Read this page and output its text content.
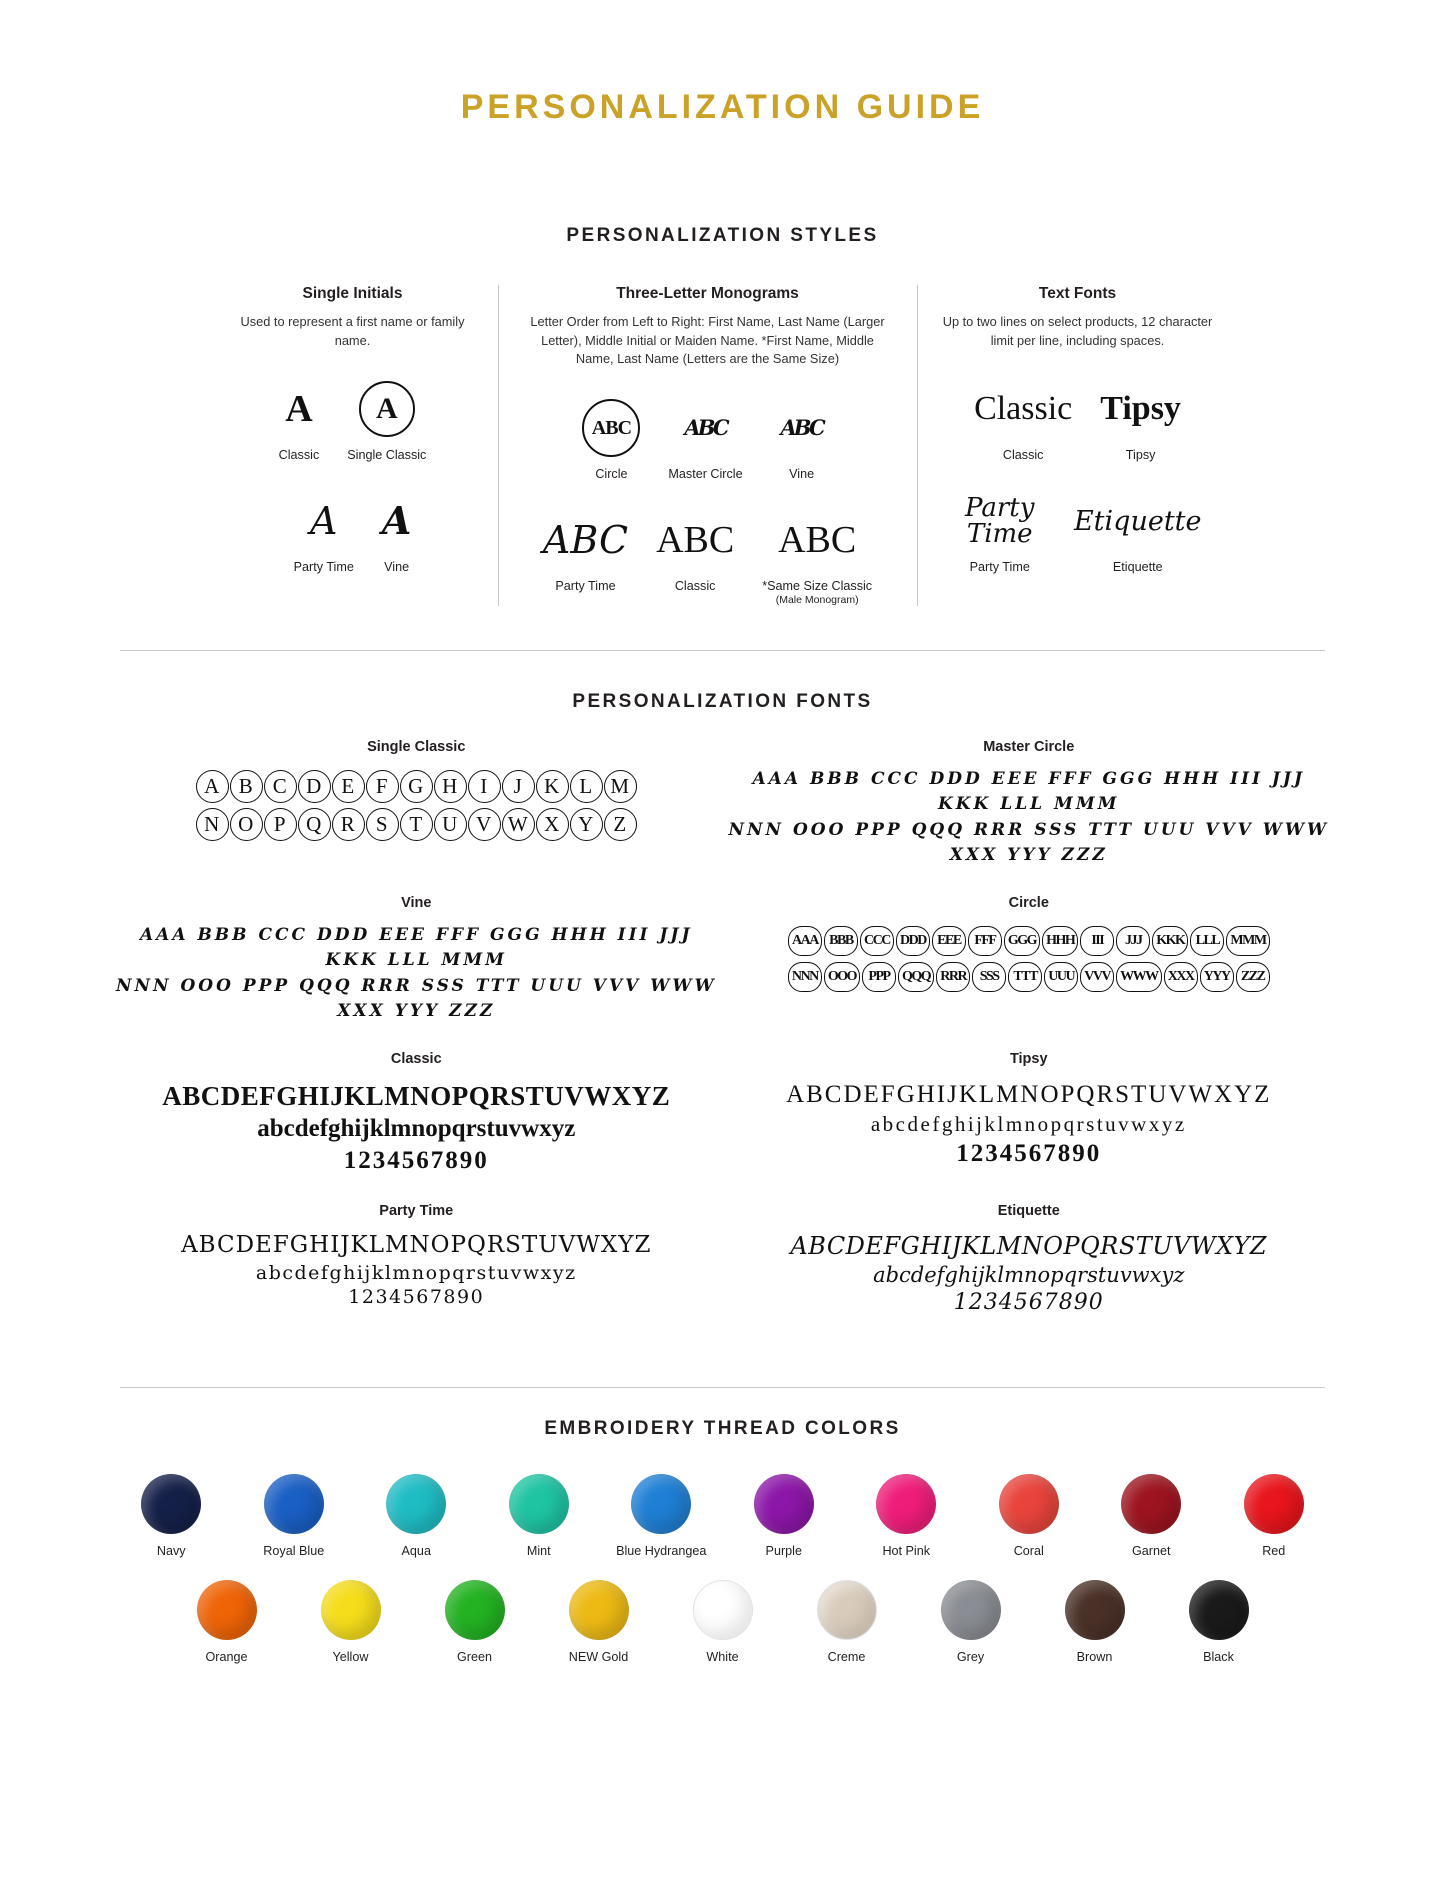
PERSONALIZATION GUIDE
PERSONALIZATION STYLES
Single Initials
Used to represent a first name or family name.
A
Classic
A
Single Classic
A
Party Time
A
Vine
Three-Letter Monograms
Letter Order from Left to Right: First Name, Last Name (Larger Letter), Middle Initial or Maiden Name. *First Name, Middle Name, Last Name (Letters are the Same Size)
ABC
Circle
ABC
Master Circle
ABC
Vine
ABC
Party Time
ABC
Classic
ABC
*Same Size Classic
(Male Monogram)
Text Fonts
Up to two lines on select products, 12 character limit per line, including spaces.
Classic
Classic
Tipsy
Tipsy
Party Time
Party Time
Etiquette
Etiquette
PERSONALIZATION FONTS
Single Classic
A B C D E F G H I J K L M
N O P Q R S T U V W X Y Z
Master Circle
AAA BBB CCC DDD EEE FFF GGG HHH III JJJ KKK LLL MMM
NNN OOO PPP QQQ RRR SSS TTT UUU VVV WWW XXX YYY ZZZ
Vine
AAA BBB CCC DDD EEE FFF GGG HHH III JJJ KKK LLL MMM
NNN OOO PPP QQQ RRR SSS TTT UUU VVV WWW XXX YYY ZZZ
Circle
AAA BBB CCC DDD EEE FFF GGG HHH III JJJ KKK LLL MMM
NNN OOO PPP QQQ RRR SSS TTT UUU VVV WWW XXX YYY ZZZ
Classic
ABCDEFGHIJKLMNOPQRSTUVWXYZ
abcdefghijklmnopqrstuvwxyz
1234567890
Tipsy
ABCDEFGHIJKLMNOPQRSTUVWXYZ
abcdefghijklmnopqrstuvwxyz
1234567890
Party Time
ABCDEFGHIJKLMNOPQRSTUVWXYZ
abcdefghijklmnopqrstuvwxyz
1234567890
Etiquette
ABCDEFGHIJKLMNOPQRSTUVWXYZ
abcdefghijklmnopqrstuvwxyz
1234567890
EMBROIDERY THREAD COLORS
Navy	Royal Blue	Aqua	Mint	Blue Hydrangea	Purple	Hot Pink	Coral	Garnet	Red
Orange	Yellow	Green	NEW Gold	White	Creme	Grey	Brown	Black
